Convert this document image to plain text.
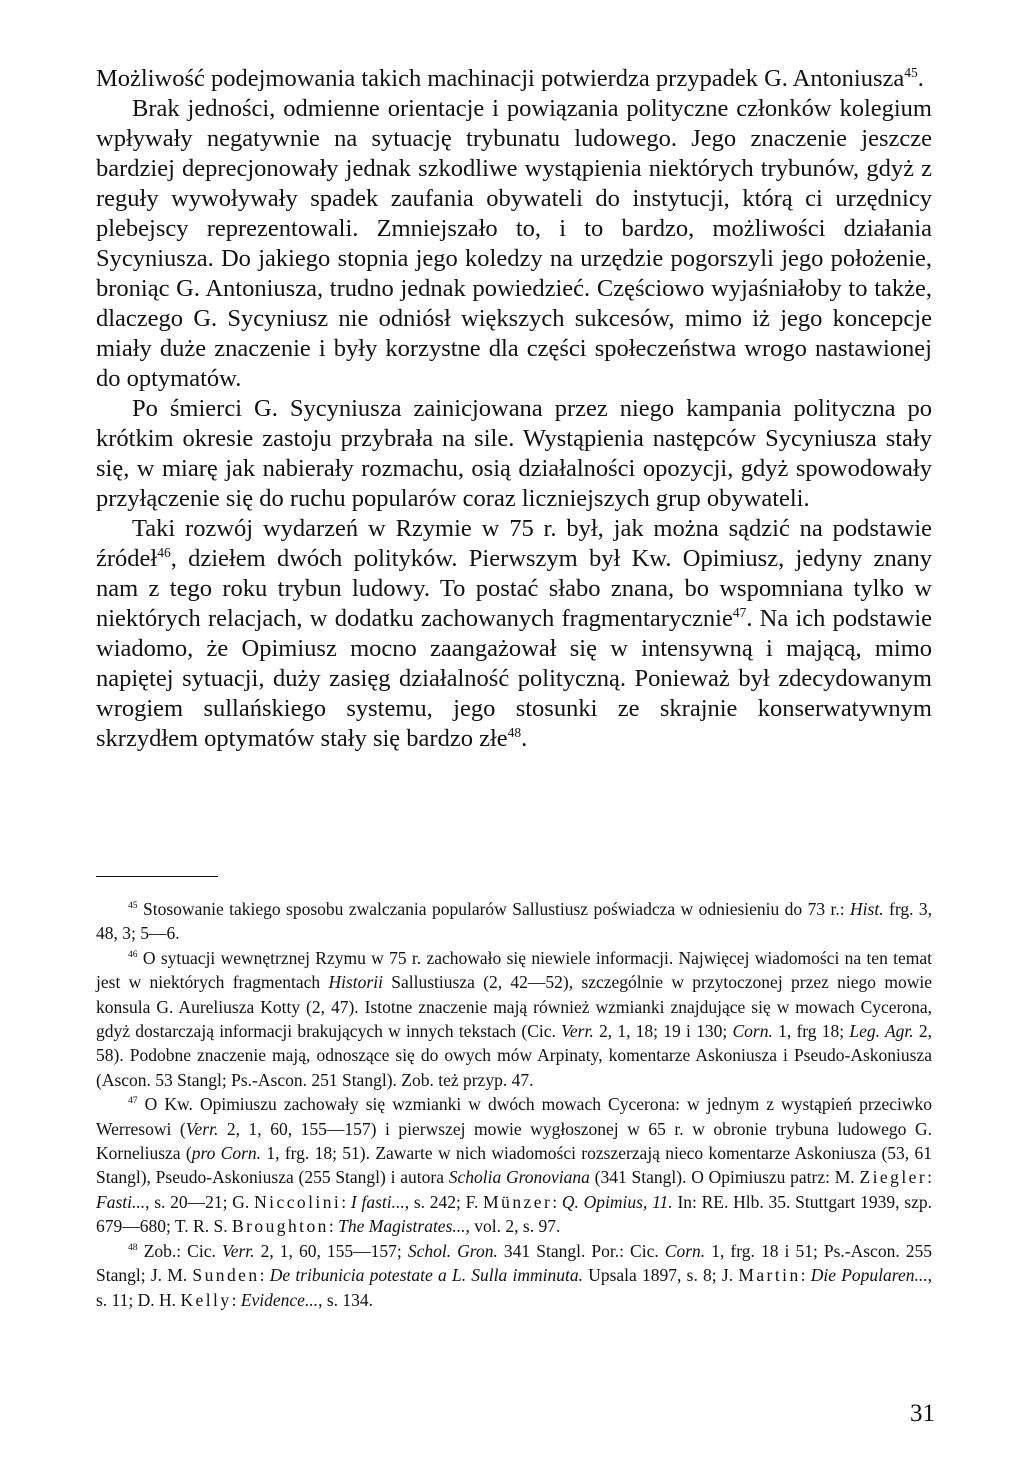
Możliwość podejmowania takich machinacji potwierdza przypadek G. Antoniusza$^{45}$.

Brak jedności, odmienne orientacje i powiązania polityczne członków kolegium wpływały negatywnie na sytuację trybunatu ludowego. Jego znaczenie jeszcze bardziej deprecjonowały jednak szkodliwe wystąpienia niektórych trybunów, gdyż z reguły wywoływały spadek zaufania obywateli do instytucji, którą ci urzędnicy plebejscy reprezentowali. Zmniejszało to, i to bardzo, możliwości działania Sycyniusza. Do jakiego stopnia jego koledzy na urzędzie pogorszyli jego położenie, broniąc G. Antoniusza, trudno jednak powiedzieć. Częściowo wyjaśniałoby to także, dlaczego G. Sycyniusz nie odniósł większych sukcesów, mimo iż jego koncepcje miały duże znaczenie i były korzystne dla części społeczeństwa wrogo nastawionej do optymatów.

Po śmierci G. Sycyniusza zainicjowana przez niego kampania polityczna po krótkim okresie zastoju przybrała na sile. Wystąpienia następców Sycyniusza stały się, w miarę jak nabierały rozmachu, osią działalności opozycji, gdyż spowodowały przyłączenie się do ruchu popularów coraz liczniejszych grup obywateli.

Taki rozwój wydarzeń w Rzymie w 75 r. był, jak można sądzić na podstawie źródeł$^{46}$, dziełem dwóch polityków. Pierwszym był Kw. Opimiusz, jedyny znany nam z tego roku trybun ludowy. To postać słabo znana, bo wspomniana tylko w niektórych relacjach, w dodatku zachowanych fragmentarycznie$^{47}$. Na ich podstawie wiadomo, że Opimiusz mocno zaangażował się w intensywną i mającą, mimo napiętej sytuacji, duży zasięg działalność polityczną. Ponieważ był zdecydowanym wrogiem sullańskiego systemu, jego stosunki ze skrajnie konserwatywnym skrzydłem optymatów stały się bardzo złe$^{48}$.

$^{45}$ Stosowanie takiego sposobu zwalczania popularów Sallustiusz poświadcza w odniesieniu do 73 r.: Hist. frg. 3, 48, 3; 5—6.

$^{46}$ O sytuacji wewnętrznej Rzymu w 75 r. zachowało się niewiele informacji. Najwięcej wiadomości na ten temat jest w niektórych fragmentach Historii Sallustiusza (2, 42—52), szczególnie w przytoczonej przez niego mowie konsula G. Aureliusza Kotty (2, 47). Istotne znaczenie mają również wzmianki znajdujące się w mowach Cycerona, gdyż dostarczają informacji brakujących w innych tekstach (Cic. Verr. 2, 1, 18; 19 i 130; Corn. 1, frg 18; Leg. Agr. 2, 58). Podobne znaczenie mają, odnoszące się do owych mów Arpinaty, komentarze Askoniusza i Pseudo-Askoniusza (Ascon. 53 Stangl; Ps.-Ascon. 251 Stangl). Zob. też przyp. 47.

$^{47}$ O Kw. Opimiuszu zachowały się wzmianki w dwóch mowach Cycerona: w jednym z wystąpień przeciwko Werresowi (Verr. 2, 1, 60, 155—157) i pierwszej mowie wygłoszonej w 65 r. w obronie trybuna ludowego G. Korneliusza (pro Corn. 1, frg. 18; 51). Zawarte w nich wiadomości rozszerzają nieco komentarze Askoniusza (53, 61 Stangl), Pseudo-Askoniusza (255 Stangl) i autora Scholia Gronoviana (341 Stangl). O Opimiuszu patrz: M. Ziegler: Fasti..., s. 20—21; G. Niccolini: I fasti..., s. 242; F. Münzer: Q. Opimius, 11. In: RE. Hlb. 35. Stuttgart 1939, szp. 679—680; T. R. S. Broughton: The Magistrates..., vol. 2, s. 97.

$^{48}$ Zob.: Cic. Verr. 2, 1, 60, 155—157; Schol. Gron. 341 Stangl. Por.: Cic. Corn. 1, frg. 18 i 51; Ps.-Ascon. 255 Stangl; J. M. Sunden: De tribunicia potestate a L. Sulla imminuta. Upsala 1897, s. 8; J. Martin: Die Popularen..., s. 11; D. H. Kelly: Evidence..., s. 134.

31
